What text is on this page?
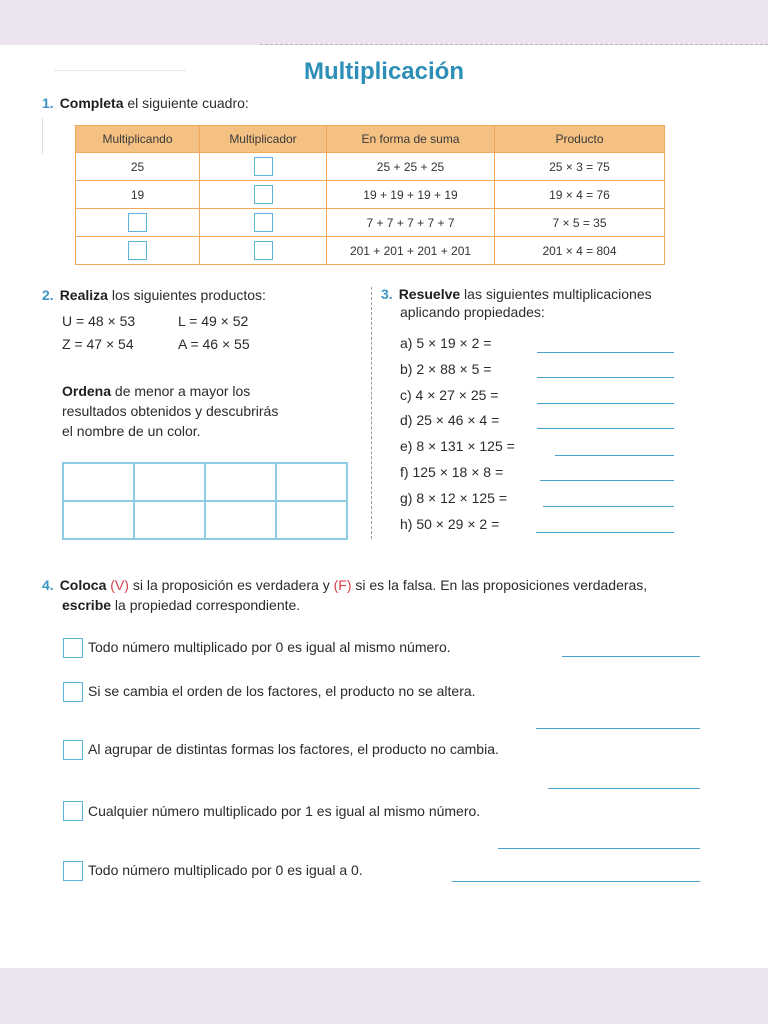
Multiplicación
1. Completa el siguiente cuadro:
Multiplicando	Multiplicador	En forma de suma	Producto
25		25 + 25 + 25	25 × 3 = 75
19		19 + 19 + 19 + 19	19 × 4 = 76
		7 + 7 + 7 + 7 + 7	7 × 5 = 35
		201 + 201 + 201 + 201	201 × 4 = 804
2. Realiza los siguientes productos:
U = 48 × 53	L = 49 × 52
Z = 47 × 54	A = 46 × 55
Ordena de menor a mayor los
resultados obtenidos y descubrirás
el nombre de un color.
3. Resuelve las siguientes multiplicaciones
aplicando propiedades:
a) 5 × 19 × 2 =
b) 2 × 88 × 5 =
c) 4 × 27 × 25 =
d) 25 × 46 × 4 =
e) 8 × 131 × 125 =
f) 125 × 18 × 8 =
g) 8 × 12 × 125 =
h) 50 × 29 × 2 =
4. Coloca (V) si la proposición es verdadera y (F) si es la falsa. En las proposiciones verdaderas,
escribe la propiedad correspondiente.
Todo número multiplicado por 0 es igual al mismo número.
Si se cambia el orden de los factores, el producto no se altera.
Al agrupar de distintas formas los factores, el producto no cambia.
Cualquier número multiplicado por 1 es igual al mismo número.
Todo número multiplicado por 0 es igual a 0.
